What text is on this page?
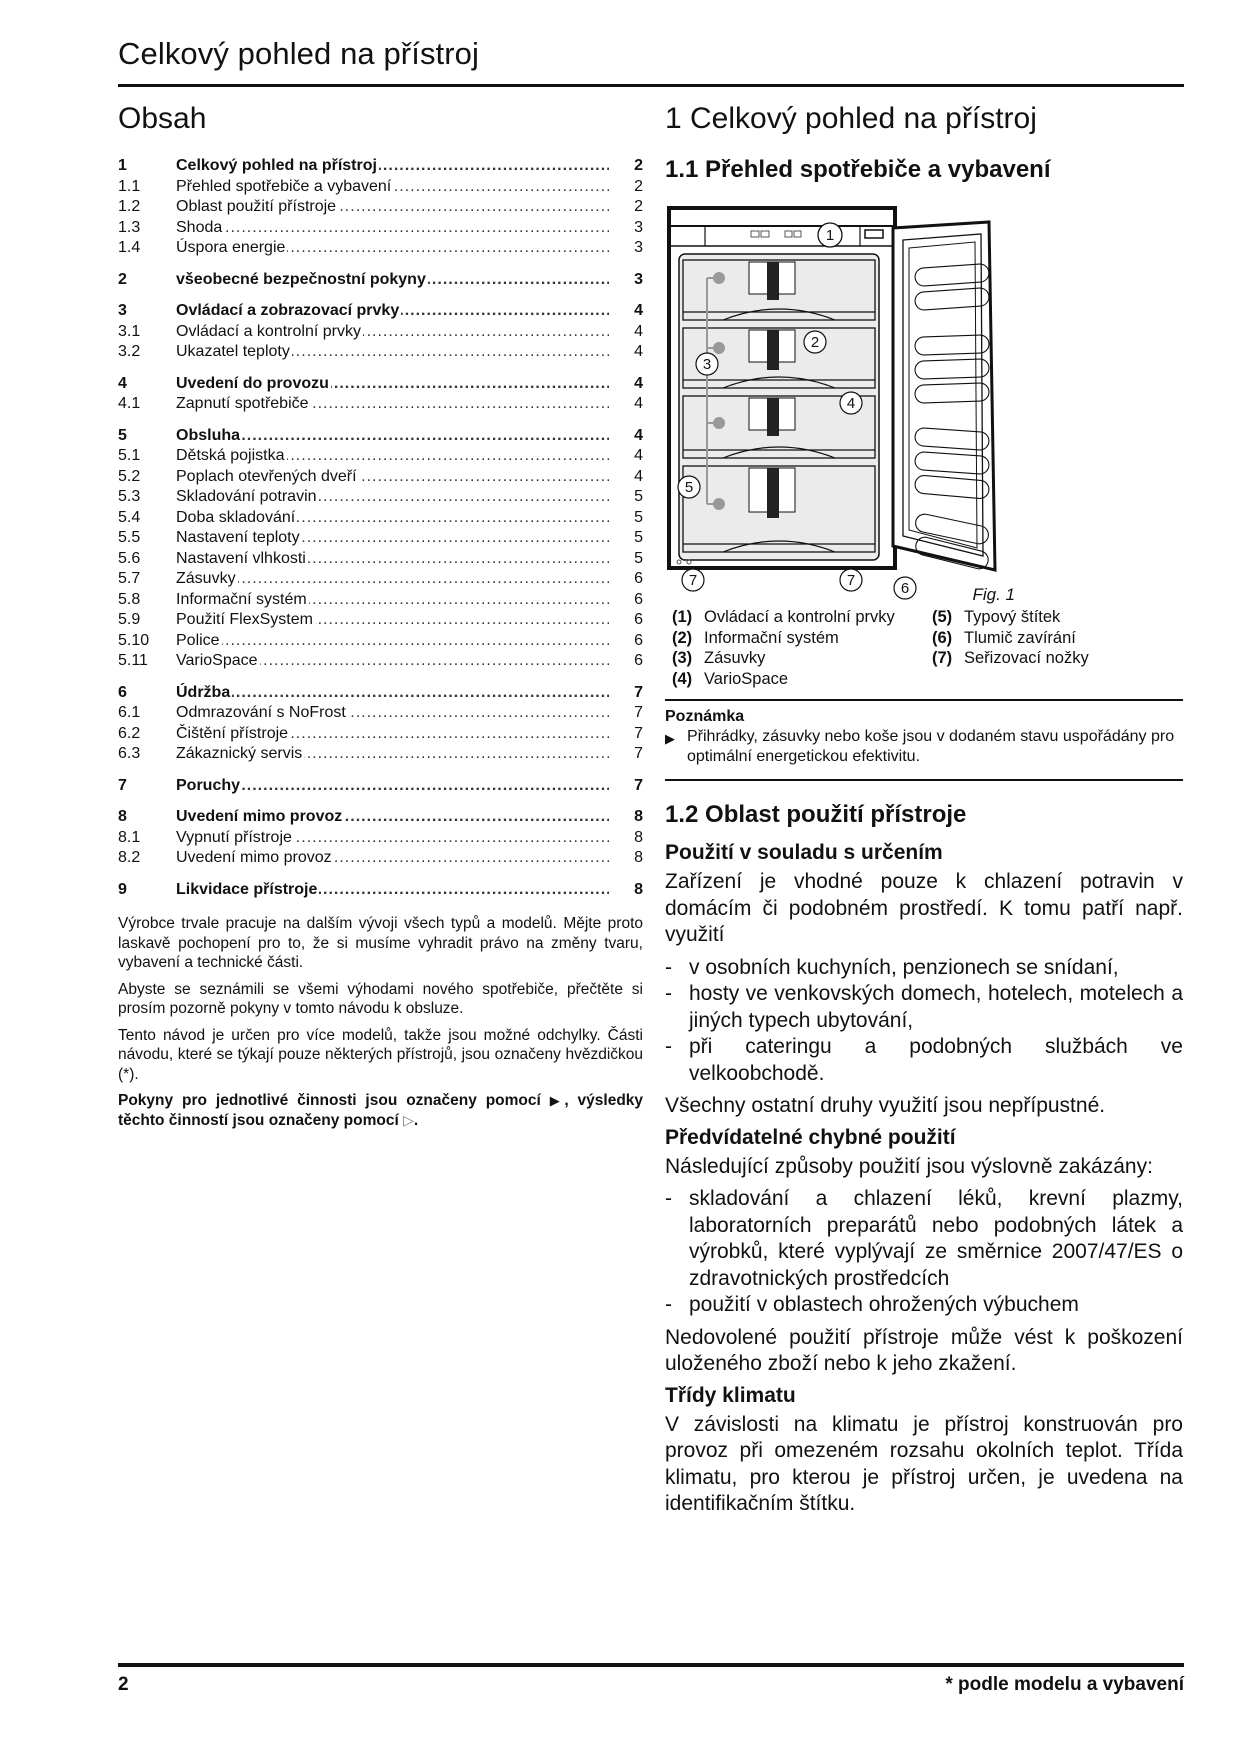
Celkový pohled na přístroj
Obsah
1	Celkový pohled na přístroj .....	2
1.1	Přehled spotřebiče a vybavení .....	2
1.2	Oblast použití přístroje .....	2
1.3	Shoda .....	3
1.4	Úspora energie .....	3
2	všeobecné bezpečnostní pokyny .....	3
3	Ovládací a zobrazovací prvky .....	4
3.1	Ovládací a kontrolní prvky .....	4
3.2	Ukazatel teploty .....	4
4	Uvedení do provozu .....	4
4.1	Zapnutí spotřebiče .....	4
5	Obsluha .....	4
5.1	Dětská pojistka .....	4
5.2	Poplach otevřených dveří .....	4
5.3	Skladování potravin .....	5
5.4	Doba skladování .....	5
5.5	Nastavení teploty .....	5
5.6	Nastavení vlhkosti .....	5
5.7	Zásuvky .....	6
5.8	Informační systém .....	6
5.9	Použití FlexSystem .....	6
5.10	Police .....	6
5.11	VarioSpace .....	6
6	Údržba .....	7
6.1	Odmrazování s NoFrost .....	7
6.2	Čištění přístroje .....	7
6.3	Zákaznický servis .....	7
7	Poruchy .....	7
8	Uvedení mimo provoz .....	8
8.1	Vypnutí přístroje .....	8
8.2	Uvedení mimo provoz .....	8
9	Likvidace přístroje .....	8

Výrobce trvale pracuje na dalším vývoji všech typů a modelů. Mějte proto laskavě pochopení pro to, že si musíme vyhradit právo na změny tvaru, vybavení a technické části.

Abyste se seznámili se všemi výhodami nového spotřebiče, přečtěte si prosím pozorně pokyny v tomto návodu k obsluze.

Tento návod je určen pro více modelů, takže jsou možné odchylky. Části návodu, které se týkají pouze některých přístrojů, jsou označeny hvězdičkou (*).

Pokyny pro jednotlivé činnosti jsou označeny pomocí ▶, výsledky těchto činností jsou označeny pomocí ▷.

1 Celkový pohled na přístroj
1.1 Přehled spotřebiče a vybavení
1
2
3
4
5
6
7	7
Fig. 1
(1) Ovládací a kontrolní prvky	(5) Typový štítek
(2) Informační systém	(6) Tlumič zavírání
(3) Zásuvky	(7) Seřizovací nožky
(4) VarioSpace
Poznámka
▶ Přihrádky, zásuvky nebo koše jsou v dodaném stavu uspořádány pro optimální energetickou efektivitu.
1.2 Oblast použití přístroje
Použití v souladu s určením

Zařízení je vhodné pouze k chlazení potravin v domácím či podobném prostředí. K tomu patří např. využití

- v osobních kuchyních, penzionech se snídaní,
- hosty ve venkovských domech, hotelech, motelech a jiných typech ubytování,
- při cateringu a podobných službách ve velkoobchodě.

Všechny ostatní druhy využití jsou nepřípustné.

Předvídatelné chybné použití

Následující způsoby použití jsou výslovně zakázány:

- skladování a chlazení léků, krevní plazmy, laboratorních preparátů nebo podobných látek a výrobků, které vyplývají ze směrnice 2007/47/ES o zdravotnických prostředcích
- použití v oblastech ohrožených výbuchem

Nedovolené použití přístroje může vést k poškození uloženého zboží nebo k jeho zkažení.

Třídy klimatu

V závislosti na klimatu je přístroj konstruován pro provoz při omezeném rozsahu okolních teplot. Třída klimatu, pro kterou je přístroj určen, je uvedena na identifikačním štítku.

2	* podle modelu a vybavení
